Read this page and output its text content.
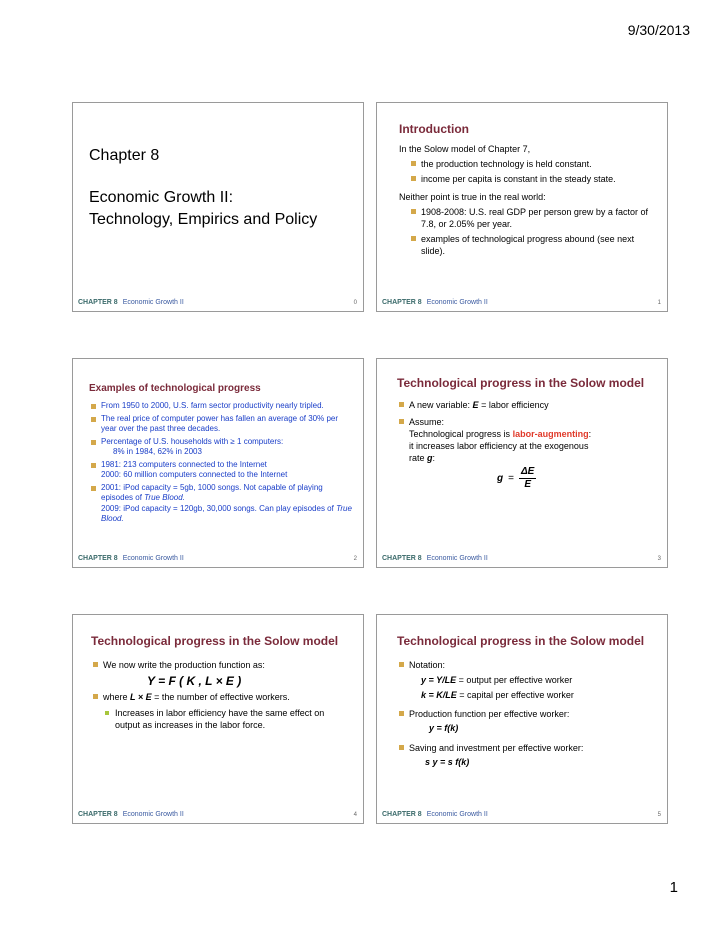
9/30/2013
Chapter 8
Economic Growth II:
Technology, Empirics and Policy
CHAPTER 8 Economic Growth II	0
Introduction
In the Solow model of Chapter 7,
the production technology is held constant.
income per capita is constant in the steady state.
Neither point is true in the real world:
1908-2008: U.S. real GDP per person grew by a factor of 7.8, or 2.05% per year.
examples of technological progress abound (see next slide).
CHAPTER 8 Economic Growth II	1
Examples of technological progress
From 1950 to 2000, U.S. farm sector productivity nearly tripled.
The real price of computer power has fallen an average of 30% per year over the past three decades.
Percentage of U.S. households with ≥ 1 computers:
8% in 1984, 62% in 2003
1981: 213 computers connected to the Internet
2000: 60 million computers connected to the Internet
2001: iPod capacity = 5gb, 1000 songs. Not capable of playing episodes of True Blood.
2009: iPod capacity = 120gb, 30,000 songs. Can play episodes of True Blood.
CHAPTER 8 Economic Growth II	2
Technological progress in the Solow model
A new variable: E = labor efficiency
Assume:
Technological progress is labor-augmenting:
it increases labor efficiency at the exogenous
rate g:
$g = \frac{\Delta E}{E}$
CHAPTER 8 Economic Growth II	3
Technological progress in the Solow model
We now write the production function as:
Y = F ( K , L × E )
where L × E = the number of effective workers.
Increases in labor efficiency have the same effect on output as increases in the labor force.
CHAPTER 8 Economic Growth II	4
Technological progress in the Solow model
Notation:
y = Y/LE = output per effective worker
k = K/LE = capital per effective worker
Production function per effective worker:
y = f(k)
Saving and investment per effective worker:
s y = s f(k)
CHAPTER 8 Economic Growth II	5
1
